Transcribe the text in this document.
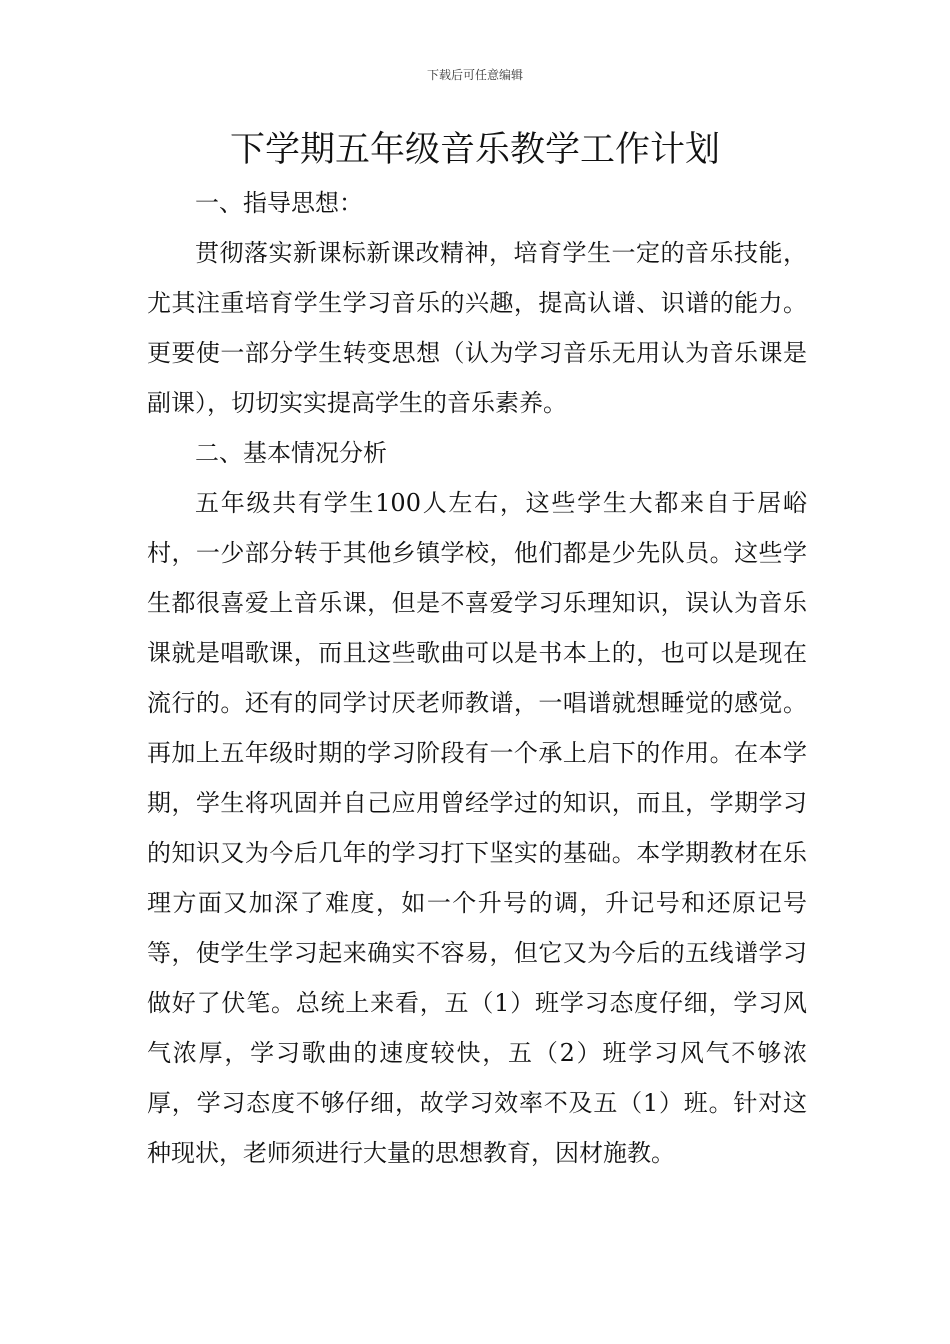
下载后可任意编辑
下学期五年级音乐教学工作计划

一、指导思想：

贯彻落实新课标新课改精神，培育学生一定的音乐技能，尤其注重培育学生学习音乐的兴趣，提高认谱、识谱的能力。更要使一部分学生转变思想（认为学习音乐无用认为音乐课是副课），切切实实提高学生的音乐素养。

二、基本情况分析

五年级共有学生100人左右，这些学生大都来自于居峪村，一少部分转于其他乡镇学校，他们都是少先队员。这些学生都很喜爱上音乐课，但是不喜爱学习乐理知识，误认为音乐课就是唱歌课，而且这些歌曲可以是书本上的，也可以是现在流行的。还有的同学讨厌老师教谱，一唱谱就想睡觉的感觉。再加上五年级时期的学习阶段有一个承上启下的作用。在本学期，学生将巩固并自己应用曾经学过的知识，而且，学期学习的知识又为今后几年的学习打下坚实的基础。本学期教材在乐理方面又加深了难度，如一个升号的调，升记号和还原记号等，使学生学习起来确实不容易，但它又为今后的五线谱学习做好了伏笔。总统上来看，五（1）班学习态度仔细，学习风气浓厚，学习歌曲的速度较快，五（2）班学习风气不够浓厚，学习态度不够仔细，故学习效率不及五（1）班。针对这种现状，老师须进行大量的思想教育，因材施教。
